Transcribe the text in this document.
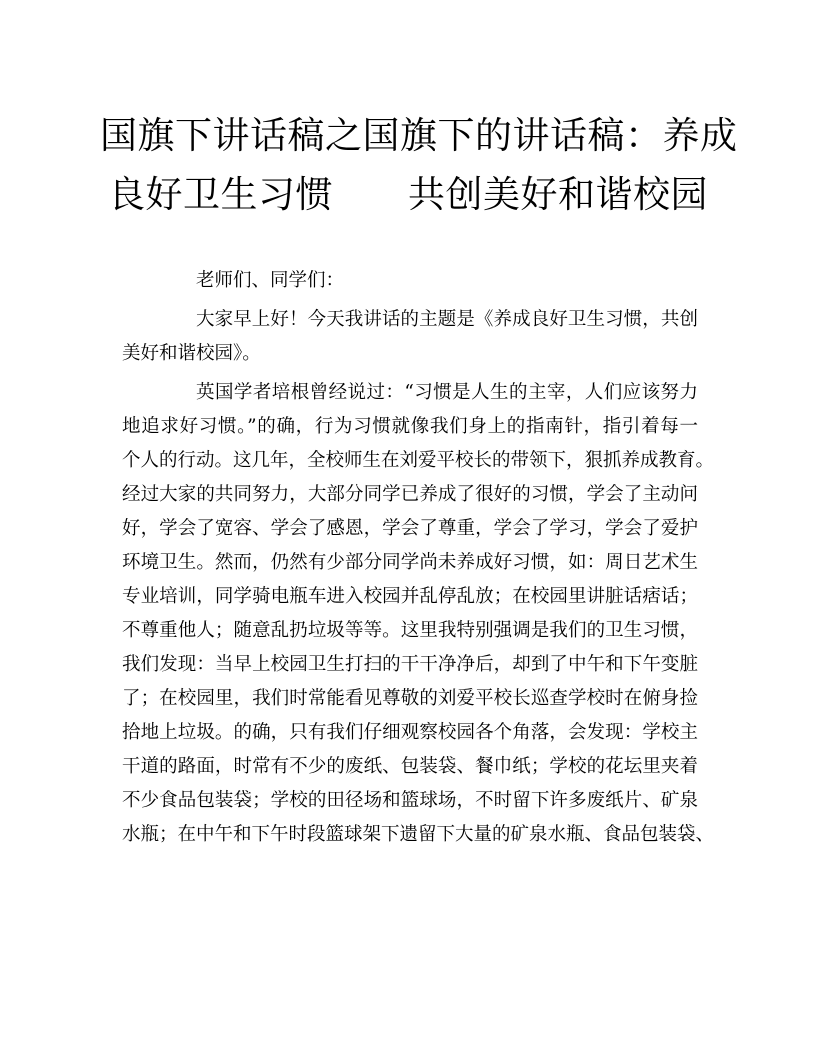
国旗下讲话稿之国旗下的讲话稿：养成
良好卫生习惯　　共创美好和谐校园

老师们、同学们：

大家早上好！今天我讲话的主题是《养成良好卫生习惯，共创
美好和谐校园》。

英国学者培根曾经说过：“习惯是人生的主宰，人们应该努力
地追求好习惯。”的确，行为习惯就像我们身上的指南针，指引着每一
个人的行动。这几年，全校师生在刘爱平校长的带领下，狠抓养成教育。
经过大家的共同努力，大部分同学已养成了很好的习惯，学会了主动问
好，学会了宽容、学会了感恩，学会了尊重，学会了学习，学会了爱护
环境卫生。然而，仍然有少部分同学尚未养成好习惯，如：周日艺术生
专业培训，同学骑电瓶车进入校园并乱停乱放；在校园里讲脏话痞话；
不尊重他人；随意乱扔垃圾等等。这里我特别强调是我们的卫生习惯，
我们发现：当早上校园卫生打扫的干干净净后，却到了中午和下午变脏
了；在校园里，我们时常能看见尊敬的刘爱平校长巡查学校时在俯身捡
拾地上垃圾。的确，只有我们仔细观察校园各个角落，会发现：学校主
干道的路面，时常有不少的废纸、包装袋、餐巾纸；学校的花坛里夹着
不少食品包装袋；学校的田径场和篮球场，不时留下许多废纸片、矿泉
水瓶；在中午和下午时段篮球架下遗留下大量的矿泉水瓶、食品包装袋、
